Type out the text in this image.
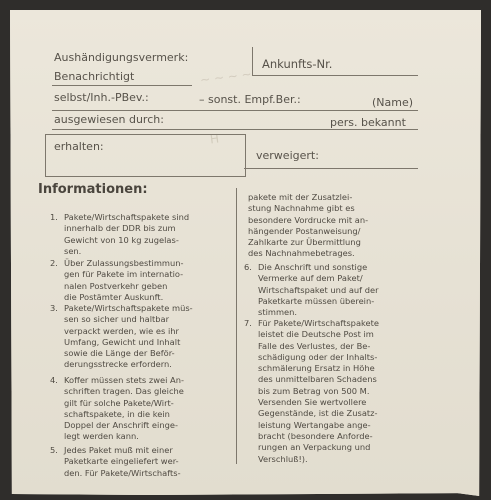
~ ~ ~ ~
H
Aushändigungsvermerk:	Ankunfts-Nr.
Benachrichtigt
selbst/Inh.-PBev.:	– sonst. Empf.Ber.:	(Name)
ausgewiesen durch:	pers. bekannt
erhalten:
verweigert:
Informationen:
1. Pakete/Wirtschaftspakete sind
innerhalb der DDR bis zum
Gewicht von 10 kg zugelas-
sen.
2. Über Zulassungsbestimmun-
gen für Pakete im internatio-
nalen Postverkehr geben
die Postämter Auskunft.
3. Pakete/Wirtschaftspakete müs-
sen so sicher und haltbar
verpackt werden, wie es ihr
Umfang, Gewicht und Inhalt
sowie die Länge der Beför-
derungsstrecke erfordern.
4. Koffer müssen stets zwei An-
schriften tragen. Das gleiche
gilt für solche Pakete/Wirt-
schaftspakete, in die kein
Doppel der Anschrift einge-
legt werden kann.
5. Jedes Paket muß mit einer
Paketkarte eingeliefert wer-
den. Für Pakete/Wirtschafts-
pakete mit der Zusatzlei-
stung Nachnahme gibt es
besondere Vordrucke mit an-
hängender Postanweisung/
Zahlkarte zur Übermittlung
des Nachnahmebetrages.
6. Die Anschrift und sonstige
Vermerke auf dem Paket/
Wirtschaftspaket und auf der
Paketkarte müssen überein-
stimmen.
7. Für Pakete/Wirtschaftspakete
leistet die Deutsche Post im
Falle des Verlustes, der Be-
schädigung oder der Inhalts-
schmälerung Ersatz in Höhe
des unmittelbaren Schadens
bis zum Betrag von 500 M.
Versenden Sie wertvollere
Gegenstände, ist die Zusatz-
leistung Wertangabe ange-
bracht (besondere Anforde-
rungen an Verpackung und
Verschluß!).
